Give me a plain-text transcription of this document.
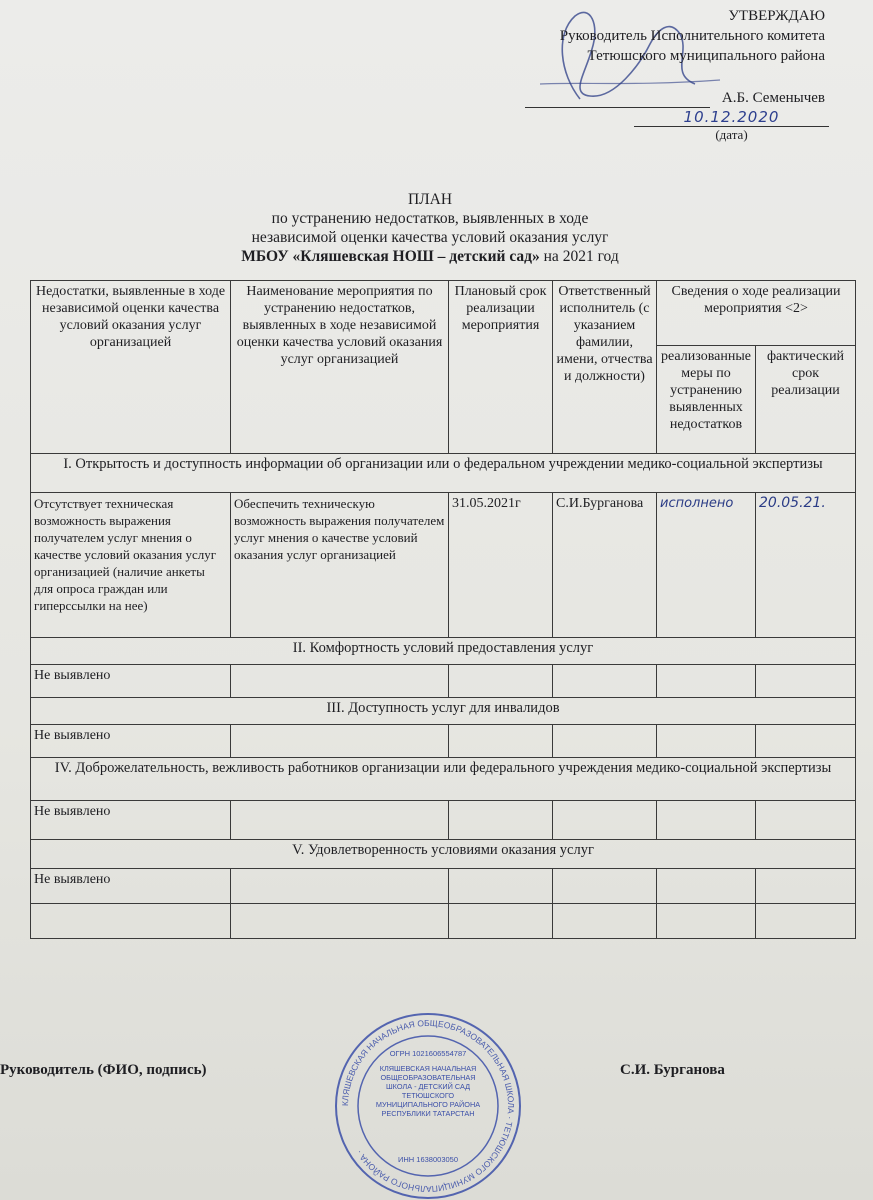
УТВЕРЖДАЮ
Руководитель Исполнительного комитета
Тетюшского муниципального района
А.Б. Семенычев
10.12.2020
(дата)
ПЛАН
по устранению недостатков, выявленных в ходе
независимой оценки качества условий оказания услуг
МБОУ «Кляшевская НОШ – детский сад» на 2021 год
Недостатки, выявленные в ходе независимой оценки качества условий оказания услуг организацией	Наименование мероприятия по устранению недостатков, выявленных в ходе независимой оценки качества условий оказания услуг организацией	Плановый срок реализации мероприятия	Ответственный исполнитель (с указанием фамилии, имени, отчества и должности)	Сведения о ходе реализации мероприятия <2>	
				реализованные меры по устранению выявленных недостатков	фактический срок реализации
I. Открытость и доступность информации об организации или о федеральном учреждении медико-социальной экспертизы					
Отсутствует техническая возможность выражения получателем услуг мнения о качестве условий оказания услуг организацией (наличие анкеты для опроса граждан или гиперссылки на нее)	Обеспечить техническую возможность выражения получателем услуг мнения о качестве условий оказания услуг организацией	31.05.2021г	С.И.Бурганова	исполнено	20.05.21.
II. Комфортность условий предоставления услуг					
Не выявлено					
III. Доступность услуг для инвалидов					
Не выявлено					
IV. Доброжелательность, вежливость работников организации или федерального учреждения медико-социальной экспертизы					
Не выявлено					
V. Удовлетворенность условиями оказания услуг					
Не выявлено					

Руководитель (ФИО, подпись)	С.И. Бурганова
КЛЯШЕВСКАЯ НАЧАЛЬНАЯ ОБЩЕОБРАЗОВАТЕЛЬНАЯ ШКОЛА · ТЕТЮШСКОГО МУНИЦИПАЛЬНОГО РАЙОНА ·
ОГРН 1021606554787
КЛЯШЕВСКАЯ НАЧАЛЬНАЯ ОБЩЕОБРАЗОВАТЕЛЬНАЯ ШКОЛА - ДЕТСКИЙ САД ТЕТЮШСКОГО МУНИЦИПАЛЬНОГО РАЙОНА РЕСПУБЛИКИ ТАТАРСТАН
ИНН 1638003050
